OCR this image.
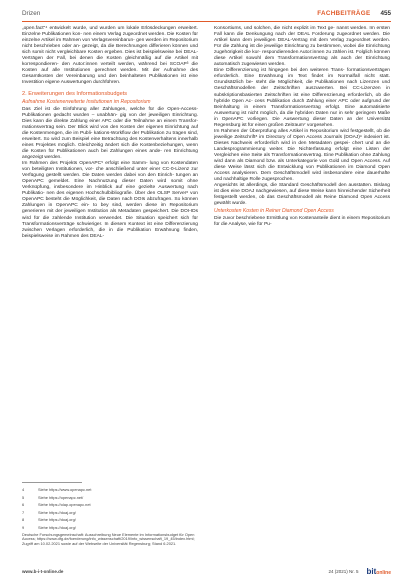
Drizen	FACHBEITRÄGE 455

„open.fact"⁴ entwickelt wurde, und wurden um lokale Erlösdeckungen erweitert. Einzelne Publikationen kon- nen einem Verlag zugeordnet werden. Die Kosten für einzelne Artikel im Rahmen von Verlagsvereinbarun- gen werden im Repositorium nicht beschrieben oder an- gezeigt, da die Berechnungen differieren können und sich somit nicht vergleichbare Kosten ergeben. Dies ist beispielsweise bei DEAL-Verträgen der Fall, bei denen die Kosten gleichmäßig auf die Artikel mit korrespondieren- den Autor:innen verteilt werden, während bei SCOAP³ die Kosten auf alle Institutionen gerechnet werden. Mit der Aufnahme des Gesamtkosten der Vereinbarung und den beinhalteten Publikationen ist eine Investition eigene Auswertungen durchführen.

2. Erweiterungen des Informationsbudgets
Aufnahme Kostenerweiterte Insitutionen im Repositorium

Das Ziel ist die Einführung aller Zahlungen, welche für die Open-Access-Publikationen gedacht wurden – unabhän- gig von der jeweiligen Einrichtung. Dies kann die direkte Zahlung einer APC oder die Teilnahme an einem Transfor- mationsvertrag sein. Der Blick wird von den Kosten der eigenen Einrichtung auf die Kostenmengen, die im Publi- kations-Workflow der Publikation zu tragen sind, erweitert. So wird zum Beispiel eine Betrachtung des Kostenverhaltens innerhalb eines Projektes möglich. Gleichzeitig ändert sich die Kostenbeziehungen, wenn die Kosten für Publikationen auch bei Zahlungen eines ande- ren Einrichtung angezeigt werden.

Im Rahmen des Projekts OpenAPC⁵ erfolgt eine Samm- lung von Kostendaten von beteiligten Institutionen, vor- che anschließend unter einer CC-0-Lizenz zur Verfügung gestellt werden. Die Daten werden dabei von den Einrich- tungen an OpenAPC gemeldet. Eine Nachnutzung dieser Daten wird somit ohne Verknüpfung, insbesondere im Hinblick auf eine gezielte Auswertung nach Publikatio- nen des eigenen Hochschulbibliografie. Über den OLSP Server⁶ von OpenAPC besteht die Möglichkeit, die Daten nach DOIs abzufragen. So können Zahlungen in OpenAPC ein- to bey sind, werden diese im Repositorium generieren mit der jeweiligen Institution als Metadaten gespeichert. Die DOI-IDs wird für die zahlende Institution verwendet. Die Situation speichert sich für Transformationsverträge schwieriger. In diesem Kontext ist eine Differenzierung zwischen Verlagen erforderlich, die in die Publikation Erwähnung finden, beispielsweise im Rahmen des DEAL-

Konsortiums, und solchen, die nicht explizit im Text ge- nannt werden. Im ersten Fall kann die Denkungung nach der DEAL Forderung zugeordnet werden. Die Artikel kann dem jeweiligen DEAL-Vertrag mit dem Verlag zugeordnet werden. Für die Zahlung ist die jeweilige Einrichtung zu bestimmen, wobei die Einrichtung zugehörigkeit die kor- respondierenden Autor:innen zu zählen ist. Folglich können diese Artikel sowohl dem Transformationsvertrag als auch der Einrichtung automatisch zugewiesen werden.

Eine Differenzierung ist hingegen bei den weiteren Trans- formationsverträgen erforderlich. Eine Erwähnung im Text findet im Normalfall nicht statt. Grundsätzlich be- steht die Möglichkeit, die Publikationen nach Lizenzen und Geschäftsmodellen der Zeitschriften auszuwerten. Bei CC-Lizenzen in subskriptionsbasierten Zeitschriften ist eine Differenzierung erforderlich, ob die hybride Open Ac- cess Publikation durch Zahlung einer APC oder aufgrund der Beinhaltung in einem Transformationsvertrag erfolgt. Eine automatisierte Auswertung ist nicht möglich, da die hybriden Daten nur in sehr geringem Maße in OpenAPC vorliegen. Die Auswertung dieser Daten an der Universität Regensburg ist für einen großen Zeitraum⁷ vorgesehen.

Im Rahmen der Überprüfung alles Artikel in Repositorium wird festgestellt, ob die jeweilige Zeitschrift⁸ im Directory of Open Access Journals (DOAJ)⁹ indexiert ist. Dieses Nachweis erforderlich wird in den Metadaten gespei- chert und an die Landesprogrammierung weiter. Die Nichterfassung erfolgt eine Listen der Vergleichen eine Seite als Transformationsvertrag. Eine Publikation ohne Zahlung wird dann als Diamond bzw. als Unterkategorie von Gold und Open Access. Auf diese Weise lässt sich die Entwicklung von Publikationen im Diamond Open Access analysieren. Dem Geschäftsmodell wird insbesondere eine dauerhafte und nachhaltige Rolle zugesprochen.

Angesichts ist allerdings, die Standard Geschäftsmodell den ausstatten. Bislang ist dies eine DOAJ nachgewiesen, auf diese Weise kann hinreichender Sicherheit festgestellt werden, ob das Geschäftsmodell als Reine Diamond Open Access gewählt wurde.

Unterkosten Kosten in Reiner Diamond Open Access

Die zuvor beschriebene Ermittlung von Kostenanteile dient in einem Repositorium für die Analyse, wie für Pu-

4	Siehe https://www.openapc.net
5	Siehe https://openapc.net/
6	Siehe https://olap.openapc.net
7	Siehe https://doaj.org/
8	Siehe https://doaj.org/
9	Siehe https://doaj.org/
Deutsche Forschungsgemeinschaft: Ausschreibung Neue Elemente im Informationsbudget für Open Access; https://www.dfg.de/foerderung/info_wissenschaft/2019/info_wissenschaft_19_45/index.html; Zugriff am 10.02.2021 sowie auf der Webseite der Universität Regensburg; Stand 6.2021.
www.b-i-t-online.de	24 (2021) Nr. 5 bit online
